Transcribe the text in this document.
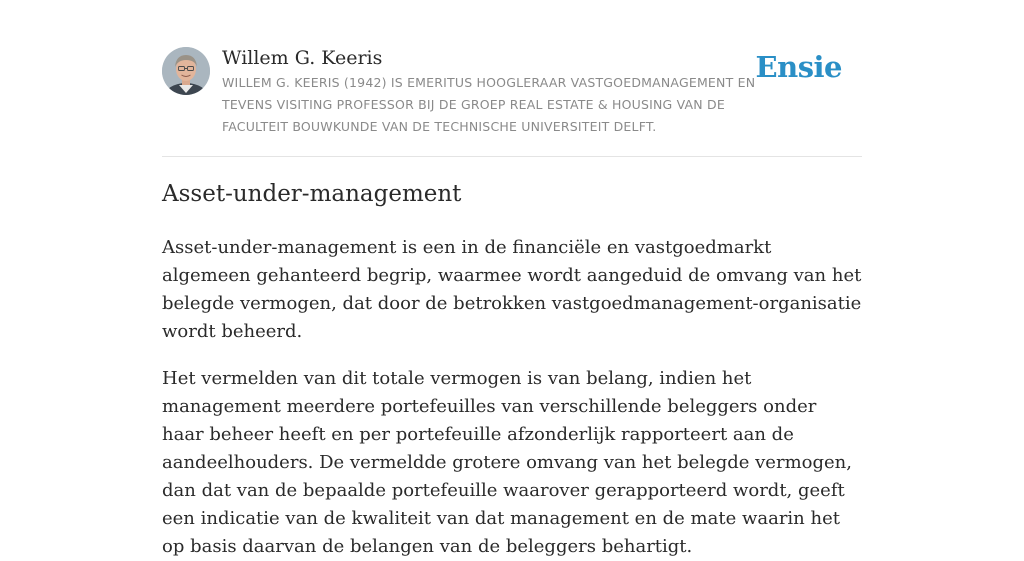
Willem G. Keeris
WILLEM G. KEERIS (1942) IS EMERITUS HOOGLERAAR VASTGOEDMANAGEMENT EN TEVENS VISITING PROFESSOR BIJ DE GROEP REAL ESTATE & HOUSING VAN DE FACULTEIT BOUWKUNDE VAN DE TECHNISCHE UNIVERSITEIT DELFT.
Ensie
Asset-under-management

Asset-under-management is een in de financiële en vastgoedmarkt algemeen gehanteerd begrip, waarmee wordt aangeduid de omvang van het belegde vermogen, dat door de betrokken vastgoedmanagement-organisatie wordt beheerd.

Het vermelden van dit totale vermogen is van belang, indien het management meerdere portefeuilles van verschillende beleggers onder haar beheer heeft en per portefeuille afzonderlijk rapporteert aan de aandeelhouders. De vermeldde grotere omvang van het belegde vermogen, dan dat van de bepaalde portefeuille waarover gerapporteerd wordt, geeft een indicatie van de kwaliteit van dat management en de mate waarin het op basis daarvan de belangen van de beleggers behartigt.
